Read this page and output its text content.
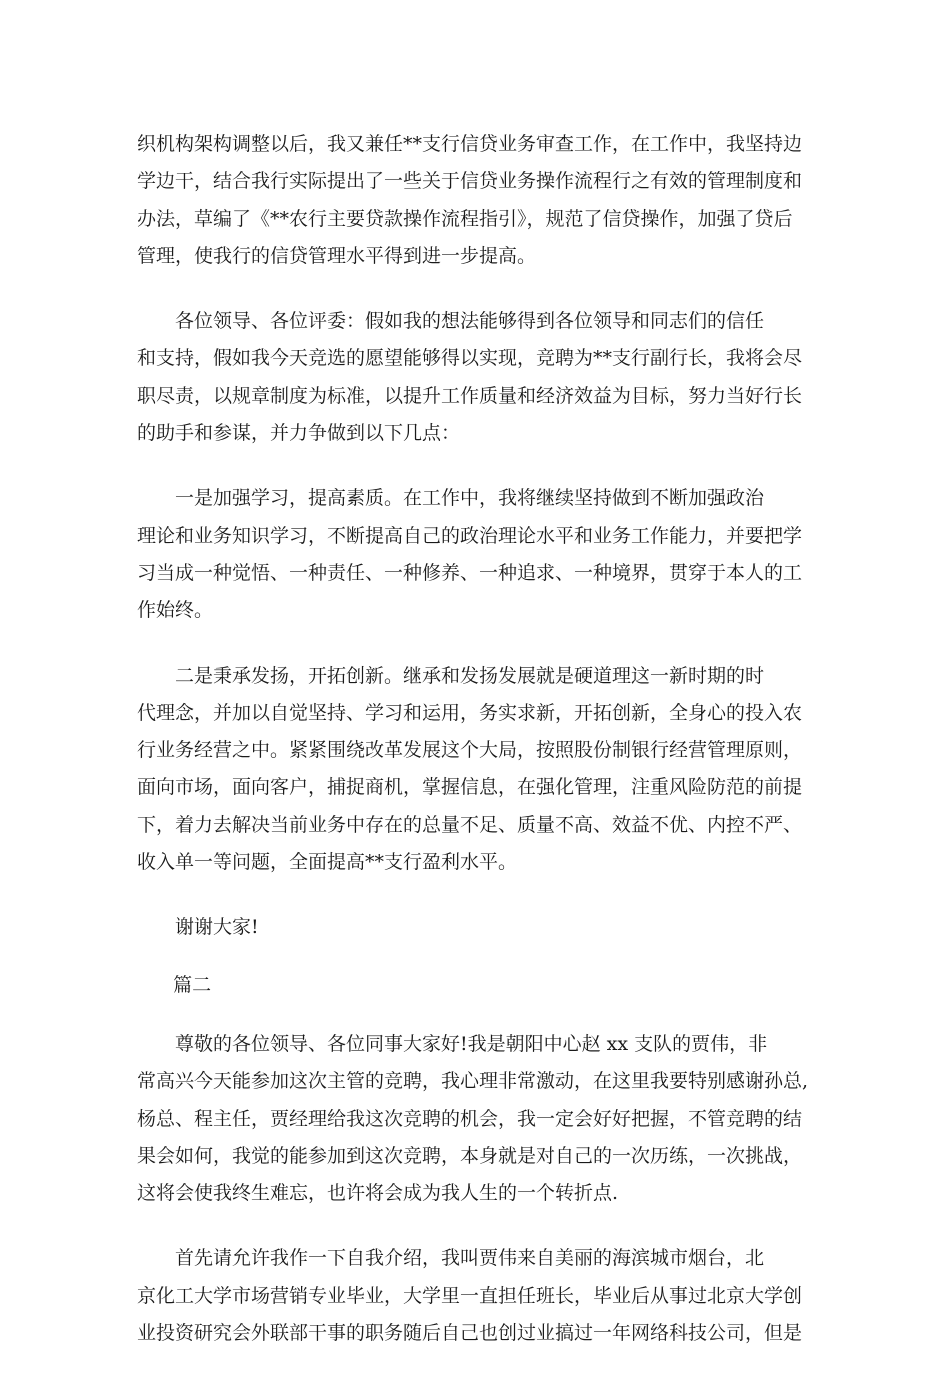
织机构架构调整以后，我又兼任**支行信贷业务审查工作，在工作中，我坚持边
学边干，结合我行实际提出了一些关于信贷业务操作流程行之有效的管理制度和
办法，草编了《**农行主要贷款操作流程指引》，规范了信贷操作，加强了贷后
管理，使我行的信贷管理水平得到进一步提高。

各位领导、各位评委：假如我的想法能够得到各位领导和同志们的信任
和支持，假如我今天竞选的愿望能够得以实现，竞聘为**支行副行长，我将会尽
职尽责，以规章制度为标准，以提升工作质量和经济效益为目标，努力当好行长
的助手和参谋，并力争做到以下几点：

一是加强学习，提高素质。在工作中，我将继续坚持做到不断加强政治
理论和业务知识学习，不断提高自己的政治理论水平和业务工作能力，并要把学
习当成一种觉悟、一种责任、一种修养、一种追求、一种境界，贯穿于本人的工
作始终。

二是秉承发扬，开拓创新。继承和发扬发展就是硬道理这一新时期的时
代理念，并加以自觉坚持、学习和运用，务实求新，开拓创新，全身心的投入农
行业务经营之中。紧紧围绕改革发展这个大局，按照股份制银行经营管理原则，
面向市场，面向客户，捕捉商机，掌握信息，在强化管理，注重风险防范的前提
下，着力去解决当前业务中存在的总量不足、质量不高、效益不优、内控不严、
收入单一等问题，全面提高**支行盈利水平。

谢谢大家!

篇二

尊敬的各位领导、各位同事大家好!我是朝阳中心赵 xx 支队的贾伟，非
常高兴今天能参加这次主管的竞聘，我心理非常激动，在这里我要特别感谢孙总,
杨总、程主任，贾经理给我这次竞聘的机会，我一定会好好把握，不管竞聘的结
果会如何，我觉的能参加到这次竞聘，本身就是对自己的一次历练，一次挑战，
这将会使我终生难忘，也许将会成为我人生的一个转折点.

首先请允许我作一下自我介绍，我叫贾伟来自美丽的海滨城市烟台，北
京化工大学市场营销专业毕业，大学里一直担任班长，毕业后从事过北京大学创
业投资研究会外联部干事的职务随后自己也创过业搞过一年网络科技公司，但是
